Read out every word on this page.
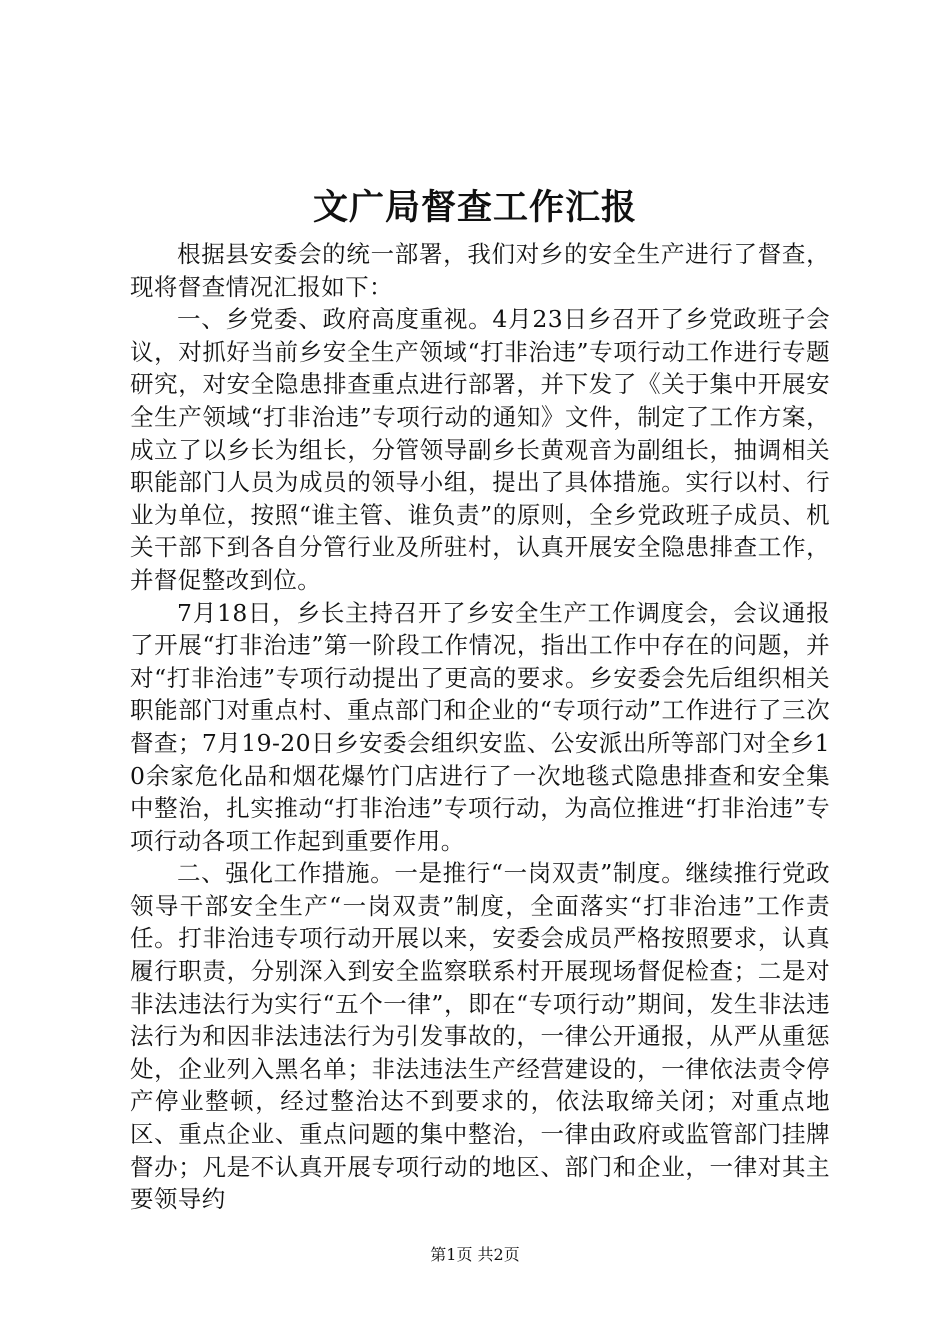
文广局督查工作汇报

根据县安委会的统一部署，我们对乡的安全生产进行了督查，现将督查情况汇报如下：

一、乡党委、政府高度重视。4月23日乡召开了乡党政班子会议，对抓好当前乡安全生产领域“打非治违”专项行动工作进行专题研究，对安全隐患排查重点进行部署，并下发了《关于集中开展安全生产领域“打非治违”专项行动的通知》文件，制定了工作方案，成立了以乡长为组长，分管领导副乡长黄观音为副组长，抽调相关职能部门人员为成员的领导小组，提出了具体措施。实行以村、行业为单位，按照“谁主管、谁负责”的原则，全乡党政班子成员、机关干部下到各自分管行业及所驻村，认真开展安全隐患排查工作，并督促整改到位。

7月18日，乡长主持召开了乡安全生产工作调度会，会议通报了开展“打非治违”第一阶段工作情况，指出工作中存在的问题，并对“打非治违”专项行动提出了更高的要求。乡安委会先后组织相关职能部门对重点村、重点部门和企业的“专项行动”工作进行了三次督查；7月19-20日乡安委会组织安监、公安派出所等部门对全乡10余家危化品和烟花爆竹门店进行了一次地毯式隐患排查和安全集中整治，扎实推动“打非治违”专项行动，为高位推进“打非治违”专项行动各项工作起到重要作用。

二、强化工作措施。一是推行“一岗双责”制度。继续推行党政领导干部安全生产“一岗双责”制度，全面落实“打非治违”工作责任。打非治违专项行动开展以来，安委会成员严格按照要求，认真履行职责，分别深入到安全监察联系村开展现场督促检查；二是对非法违法行为实行“五个一律”，即在“专项行动”期间，发生非法违法行为和因非法违法行为引发事故的，一律公开通报，从严从重惩处，企业列入黑名单；非法违法生产经营建设的，一律依法责令停产停业整顿，经过整治达不到要求的，依法取缔关闭；对重点地区、重点企业、重点问题的集中整治，一律由政府或监管部门挂牌督办；凡是不认真开展专项行动的地区、部门和企业，一律对其主要领导约

第1页 共2页
